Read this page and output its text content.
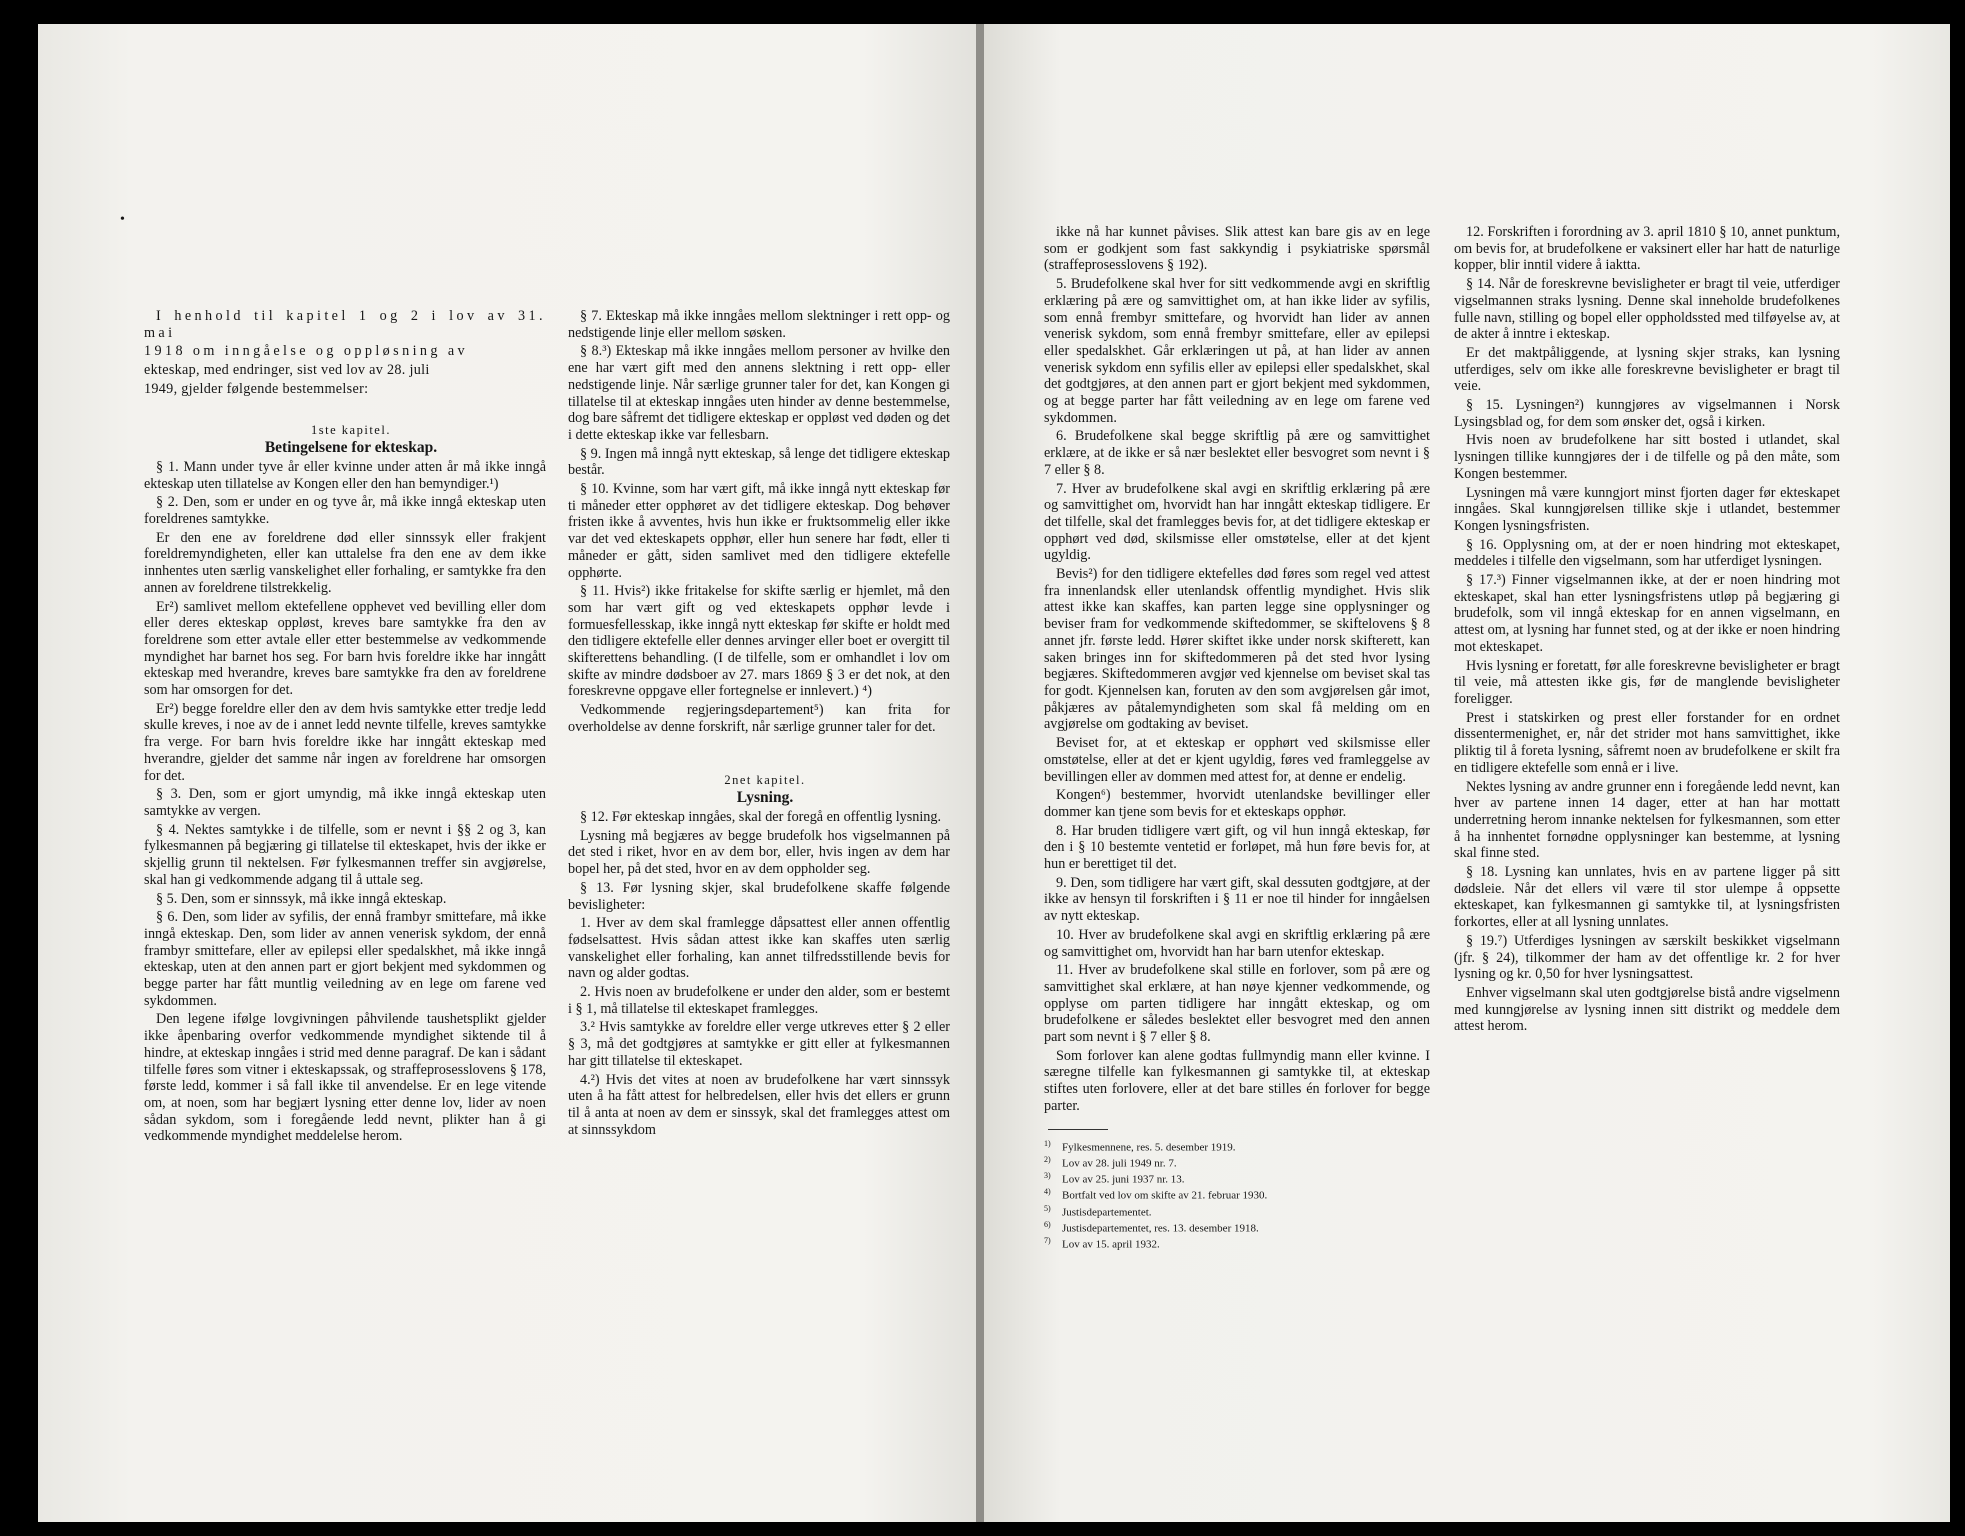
•

I henhold til kapitel 1 og 2 i lov av 31. mai

1918 om inngåelse og oppløsning av

ekteskap, med endringer, sist ved lov av 28. juli

1949, gjelder følgende bestemmelser:

1ste kapitel.

Betingelsene for ekteskap.

§ 1. Mann under tyve år eller kvinne under atten år må ikke inngå ekteskap uten tillatelse av Kongen eller den han bemyndiger.¹)

§ 2. Den, som er under en og tyve år, må ikke inngå ekteskap uten foreldrenes samtykke.

Er den ene av foreldrene død eller sinnssyk eller frakjent foreldremyndigheten, eller kan uttalelse fra den ene av dem ikke innhentes uten særlig vanskelighet eller forhaling, er samtykke fra den annen av foreldrene tilstrekkelig.

Er²) samlivet mellom ektefellene opphevet ved bevilling eller dom eller deres ekteskap oppløst, kreves bare samtykke fra den av foreldrene som etter avtale eller etter bestemmelse av vedkommende myndighet har barnet hos seg. For barn hvis foreldre ikke har inngått ekteskap med hverandre, kreves bare samtykke fra den av foreldrene som har omsorgen for det.

Er²) begge foreldre eller den av dem hvis samtykke etter tredje ledd skulle kreves, i noe av de i annet ledd nevnte tilfelle, kreves samtykke fra verge. For barn hvis foreldre ikke har inngått ekteskap med hverandre, gjelder det samme når ingen av foreldrene har omsorgen for det.

§ 3. Den, som er gjort umyndig, må ikke inngå ekteskap uten samtykke av vergen.

§ 4. Nektes samtykke i de tilfelle, som er nevnt i §§ 2 og 3, kan fylkesmannen på begjæring gi tillatelse til ekteskapet, hvis der ikke er skjellig grunn til nektelsen. Før fylkesmannen treffer sin avgjørelse, skal han gi vedkommende adgang til å uttale seg.

§ 5. Den, som er sinnssyk, må ikke inngå ekteskap.

§ 6. Den, som lider av syfilis, der ennå frambyr smittefare, må ikke inngå ekteskap. Den, som lider av annen venerisk sykdom, der ennå frambyr smittefare, eller av epilepsi eller spedalskhet, må ikke inngå ekteskap, uten at den annen part er gjort bekjent med sykdommen og begge parter har fått muntlig veiledning av en lege om farene ved sykdommen.

Den legene ifølge lovgivningen påhvilende taushetsplikt gjelder ikke åpenbaring overfor vedkommende myndighet siktende til å hindre, at ekteskap inngåes i strid med denne paragraf. De kan i sådant tilfelle føres som vitner i ekteskapssak, og straffeprosesslovens § 178, første ledd, kommer i så fall ikke til anvendelse. Er en lege vitende om, at noen, som har begjært lysning etter denne lov, lider av noen sådan sykdom, som i foregående ledd nevnt, plikter han å gi vedkommende myndighet meddelelse herom.

§ 7. Ekteskap må ikke inngåes mellom slektninger i rett opp- og nedstigende linje eller mellom søsken.

§ 8.³) Ekteskap må ikke inngåes mellom personer av hvilke den ene har vært gift med den annens slektning i rett opp- eller nedstigende linje. Når særlige grunner taler for det, kan Kongen gi tillatelse til at ekteskap inngåes uten hinder av denne bestemmelse, dog bare såfremt det tidligere ekteskap er oppløst ved døden og det i dette ekteskap ikke var fellesbarn.

§ 9. Ingen må inngå nytt ekteskap, så lenge det tidligere ekteskap består.

§ 10. Kvinne, som har vært gift, må ikke inngå nytt ekteskap før ti måneder etter opphøret av det tidligere ekteskap. Dog behøver fristen ikke å avventes, hvis hun ikke er fruktsommelig eller ikke var det ved ekteskapets opphør, eller hun senere har født, eller ti måneder er gått, siden samlivet med den tidligere ektefelle opphørte.

§ 11. Hvis²) ikke fritakelse for skifte særlig er hjemlet, må den som har vært gift og ved ekteskapets opphør levde i formuesfellesskap, ikke inngå nytt ekteskap før skifte er holdt med den tidligere ektefelle eller dennes arvinger eller boet er overgitt til skifterettens behandling. (I de tilfelle, som er omhandlet i lov om skifte av mindre dødsboer av 27. mars 1869 § 3 er det nok, at den foreskrevne oppgave eller fortegnelse er innlevert.) ⁴)

Vedkommende regjeringsdepartement⁵) kan frita for overholdelse av denne forskrift, når særlige grunner taler for det.

2net kapitel.

Lysning.

§ 12. Før ekteskap inngåes, skal der foregå en offentlig lysning.

Lysning må begjæres av begge brudefolk hos vigselmannen på det sted i riket, hvor en av dem bor, eller, hvis ingen av dem har bopel her, på det sted, hvor en av dem oppholder seg.

§ 13. Før lysning skjer, skal brudefolkene skaffe følgende bevisligheter:

1. Hver av dem skal framlegge dåpsattest eller annen offentlig fødselsattest. Hvis sådan attest ikke kan skaffes uten særlig vanskelighet eller forhaling, kan annet tilfredsstillende bevis for navn og alder godtas.

2. Hvis noen av brudefolkene er under den alder, som er bestemt i § 1, må tillatelse til ekteskapet framlegges.

3.² Hvis samtykke av foreldre eller verge utkreves etter § 2 eller § 3, må det godtgjøres at samtykke er gitt eller at fylkesmannen har gitt tillatelse til ekteskapet.

4.²) Hvis det vites at noen av brudefolkene har vært sinnssyk uten å ha fått attest for helbredelsen, eller hvis det ellers er grunn til å anta at noen av dem er sinssyk, skal det framlegges attest om at sinnssykdom

ikke nå har kunnet påvises. Slik attest kan bare gis av en lege som er godkjent som fast sakkyndig i psykiatriske spørsmål (straffeprosesslovens § 192).

5. Brudefolkene skal hver for sitt vedkommende avgi en skriftlig erklæring på ære og samvittighet om, at han ikke lider av syfilis, som ennå frembyr smittefare, og hvorvidt han lider av annen venerisk sykdom, som ennå frembyr smittefare, eller av epilepsi eller spedalskhet. Går erklæringen ut på, at han lider av annen venerisk sykdom enn syfilis eller av epilepsi eller spedalskhet, skal det godtgjøres, at den annen part er gjort bekjent med sykdommen, og at begge parter har fått veiledning av en lege om farene ved sykdommen.

6. Brudefolkene skal begge skriftlig på ære og samvittighet erklære, at de ikke er så nær beslektet eller besvogret som nevnt i § 7 eller § 8.

7. Hver av brudefolkene skal avgi en skriftlig erklæring på ære og samvittighet om, hvorvidt han har inngått ekteskap tidligere. Er det tilfelle, skal det framlegges bevis for, at det tidligere ekteskap er opphørt ved død, skilsmisse eller omstøtelse, eller at det kjent ugyldig.

Bevis²) for den tidligere ektefelles død føres som regel ved attest fra innenlandsk eller utenlandsk offentlig myndighet. Hvis slik attest ikke kan skaffes, kan parten legge sine opplysninger og beviser fram for vedkommende skiftedommer, se skiftelovens § 8 annet jfr. første ledd. Hører skiftet ikke under norsk skifterett, kan saken bringes inn for skiftedommeren på det sted hvor lysing begjæres. Skiftedommeren avgjør ved kjennelse om beviset skal tas for godt. Kjennelsen kan, foruten av den som avgjørelsen går imot, påkjæres av påtalemyndigheten som skal få melding om en avgjørelse om godtaking av beviset.

Beviset for, at et ekteskap er opphørt ved skilsmisse eller omstøtelse, eller at det er kjent ugyldig, føres ved framleggelse av bevillingen eller av dommen med attest for, at denne er endelig.

Kongen⁶) bestemmer, hvorvidt utenlandske bevillinger eller dommer kan tjene som bevis for et ekteskaps opphør.

8. Har bruden tidligere vært gift, og vil hun inngå ekteskap, før den i § 10 bestemte ventetid er forløpet, må hun føre bevis for, at hun er berettiget til det.

9. Den, som tidligere har vært gift, skal dessuten godtgjøre, at der ikke av hensyn til forskriften i § 11 er noe til hinder for inngåelsen av nytt ekteskap.

10. Hver av brudefolkene skal avgi en skriftlig erklæring på ære og samvittighet om, hvorvidt han har barn utenfor ekteskap.

11. Hver av brudefolkene skal stille en forlover, som på ære og samvittighet skal erklære, at han nøye kjenner vedkommende, og opplyse om parten tidligere har inngått ekteskap, og om brudefolkene er således beslektet eller besvogret med den annen part som nevnt i § 7 eller § 8.

Som forlover kan alene godtas fullmyndig mann eller kvinne. I særegne tilfelle kan fylkesmannen gi samtykke til, at ekteskap stiftes uten forlovere, eller at det bare stilles én forlover for begge parter.

$^{1)}$ Fylkesmennene, res. 5. desember 1919.
$^{2)}$ Lov av 28. juli 1949 nr. 7.
$^{3)}$ Lov av 25. juni 1937 nr. 13.
$^{4)}$ Bortfalt ved lov om skifte av 21. februar 1930.
$^{5)}$ Justisdepartementet.
$^{6)}$ Justisdepartementet, res. 13. desember 1918.
$^{7)}$ Lov av 15. april 1932.

12. Forskriften i forordning av 3. april 1810 § 10, annet punktum, om bevis for, at brudefolkene er vaksinert eller har hatt de naturlige kopper, blir inntil videre å iaktta.

§ 14. Når de foreskrevne bevisligheter er bragt til veie, utferdiger vigselmannen straks lysning. Denne skal inneholde brudefolkenes fulle navn, stilling og bopel eller oppholdssted med tilføyelse av, at de akter å inntre i ekteskap.

Er det maktpåliggende, at lysning skjer straks, kan lysning utferdiges, selv om ikke alle foreskrevne bevisligheter er bragt til veie.

§ 15. Lysningen²) kunngjøres av vigselmannen i Norsk Lysingsblad og, for dem som ønsker det, også i kirken.

Hvis noen av brudefolkene har sitt bosted i utlandet, skal lysningen tillike kunngjøres der i de tilfelle og på den måte, som Kongen bestemmer.

Lysningen må være kunngjort minst fjorten dager før ekteskapet inngåes. Skal kunngjørelsen tillike skje i utlandet, bestemmer Kongen lysningsfristen.

§ 16. Opplysning om, at der er noen hindring mot ekteskapet, meddeles i tilfelle den vigselmann, som har utferdiget lysningen.

§ 17.³) Finner vigselmannen ikke, at der er noen hindring mot ekteskapet, skal han etter lysningsfristens utløp på begjæring gi brudefolk, som vil inngå ekteskap for en annen vigselmann, en attest om, at lysning har funnet sted, og at der ikke er noen hindring mot ekteskapet.

Hvis lysning er foretatt, før alle foreskrevne bevisligheter er bragt til veie, må attesten ikke gis, før de manglende bevisligheter foreligger.

Prest i statskirken og prest eller forstander for en ordnet dissentermenighet, er, når det strider mot hans samvittighet, ikke pliktig til å foreta lysning, såfremt noen av brudefolkene er skilt fra en tidligere ektefelle som ennå er i live.

Nektes lysning av andre grunner enn i foregående ledd nevnt, kan hver av partene innen 14 dager, etter at han har mottatt underretning herom innanke nektelsen for fylkesmannen, som etter å ha innhentet fornødne opplysninger kan bestemme, at lysning skal finne sted.

§ 18. Lysning kan unnlates, hvis en av partene ligger på sitt dødsleie. Når det ellers vil være til stor ulempe å oppsette ekteskapet, kan fylkesmannen gi samtykke til, at lysningsfristen forkortes, eller at all lysning unnlates.

§ 19.⁷) Utferdiges lysningen av særskilt beskikket vigselmann (jfr. § 24), tilkommer der ham av det offentlige kr. 2 for hver lysning og kr. 0,50 for hver lysningsattest.

Enhver vigselmann skal uten godtgjørelse bistå andre vigselmenn med kunngjørelse av lysning innen sitt distrikt og meddele dem attest herom.
